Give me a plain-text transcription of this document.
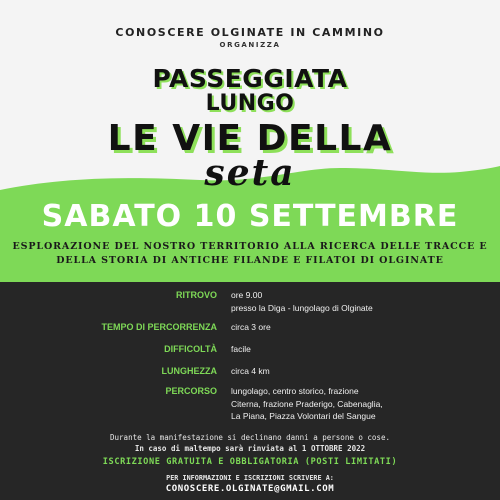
CONOSCERE OLGINATE IN CAMMINO
ORGANIZZA
PASSEGGIATA
LUNGO
LE VIE DELLA
seta
SABATO 10 SETTEMBRE
ESPLORAZIONE DEL NOSTRO TERRITORIO ALLA RICERCA DELLE TRACCE E
DELLA STORIA DI ANTICHE FILANDE E FILATOI DI OLGINATE
RITROVO ore 9.00
presso la Diga - lungolago di Olginate
TEMPO DI PERCORRENZA circa 3 ore
DIFFICOLTÀ facile
LUNGHEZZA circa 4 km
PERCORSO lungolago, centro storico, frazione
Citerna, frazione Praderigo, Cabenaglia,
La Piana, Piazza Volontari del Sangue
Durante la manifestazione si declinano danni a persone o cose.
In caso di maltempo sarà rinviata al 1 OTTOBRE 2022
ISCRIZIONE GRATUITA E OBBLIGATORIA (POSTI LIMITATI)
PER INFORMAZIONI E ISCRIZIONI SCRIVERE A:
CONOSCERE.OLGINATE@GMAIL.COM
